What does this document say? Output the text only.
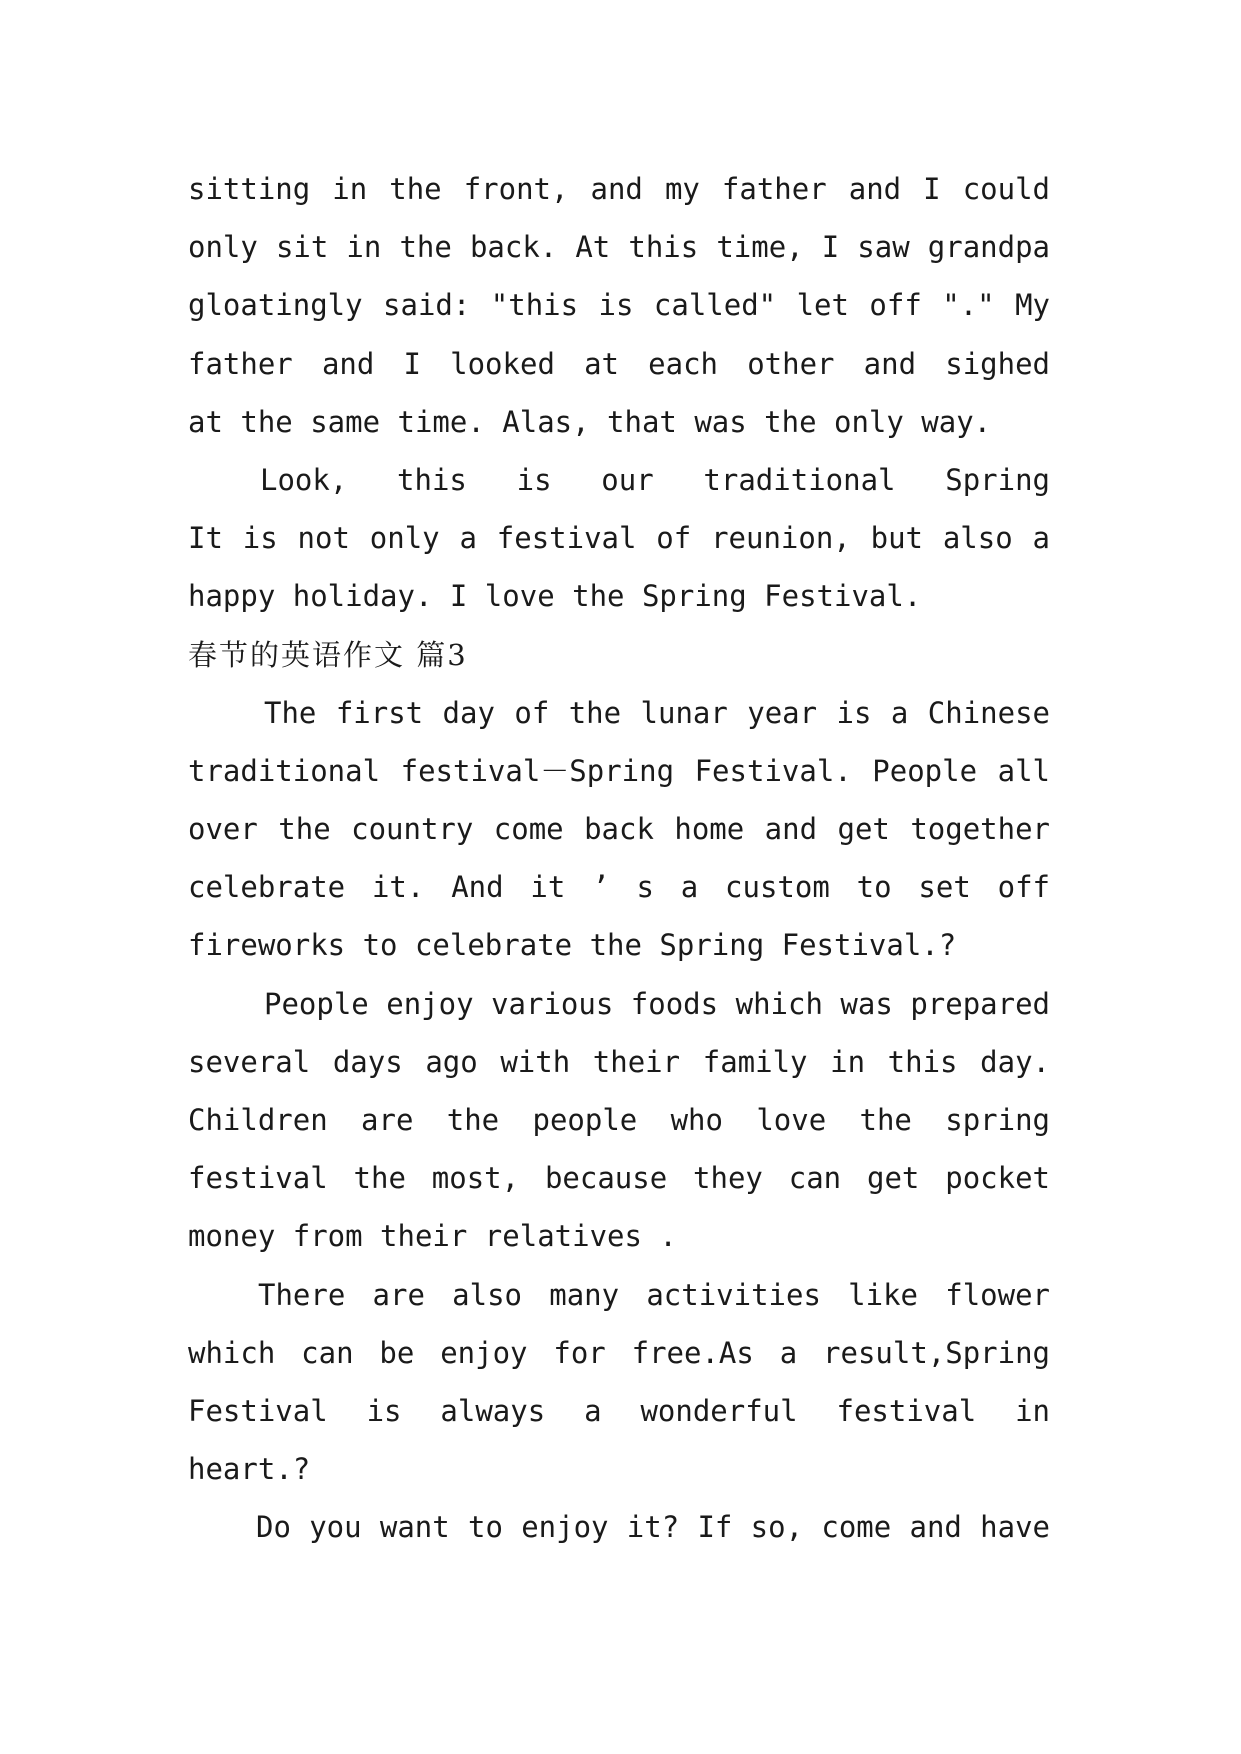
sitting in the front, and my father and I could
only sit in the back. At this time, I saw grandpa
gloatingly said: "this is called" let off "." My
father and I looked at each other and sighed
at the same time. Alas, that was the only way.
Look, this is our traditional Spring
It is not only a festival of reunion, but also a
happy holiday. I love the Spring Festival.
春节的英语作文 篇3
The first day of the lunar year is a Chinese
traditional festival－Spring Festival. People all
over the country come back home and get together
celebrate it. And it ’ s a custom to set off
fireworks to celebrate the Spring Festival.?
People enjoy various foods which was prepared
several days ago with their family in this day.
Children are the people who love the spring
festival the most, because they can get pocket
money from their relatives .
There are also many activities like flower
which can be enjoy for free.As a result,Spring
Festival is always a wonderful festival in
heart.?
Do you want to enjoy it? If so, come and have
